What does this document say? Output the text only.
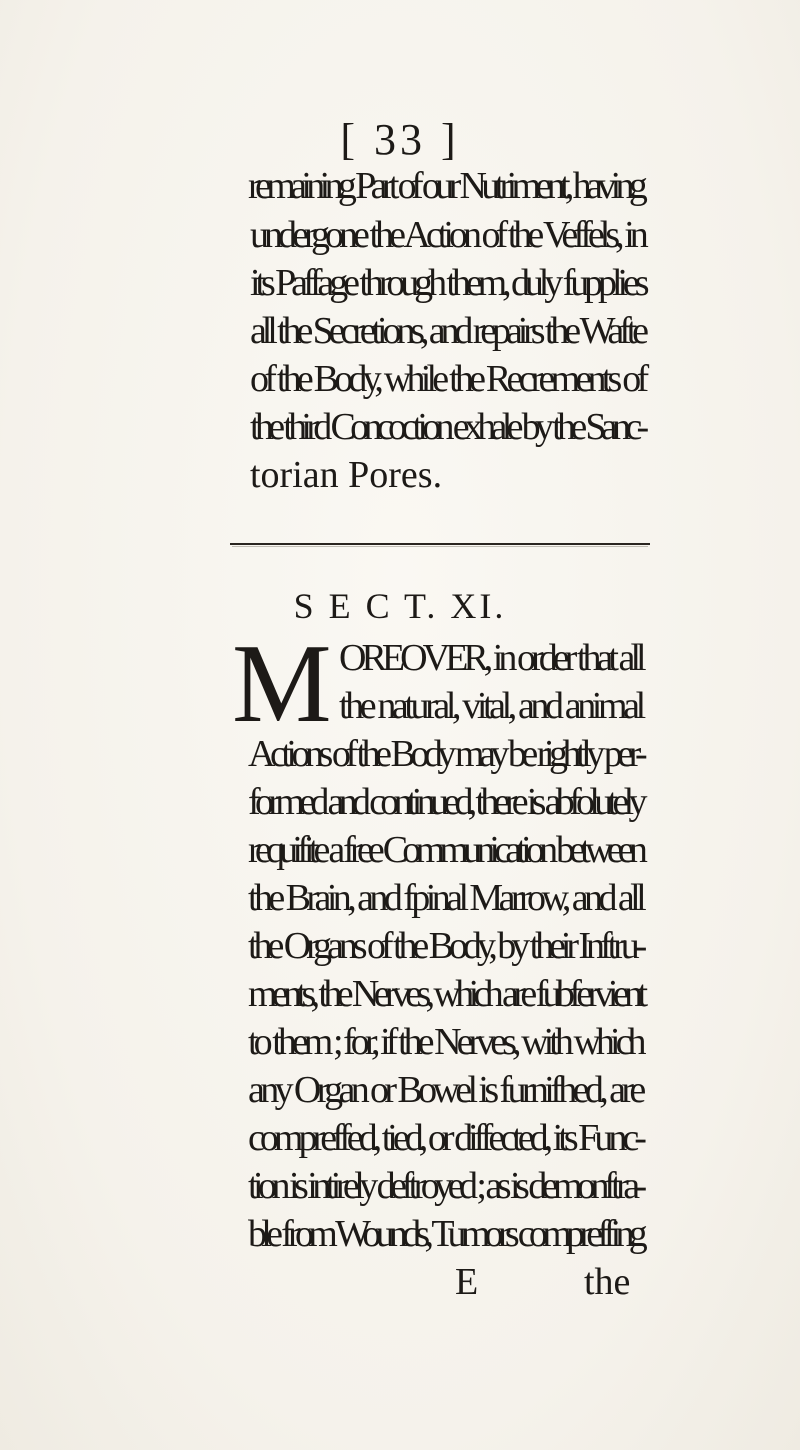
[ 33 ]
remaining Part of our Nutriment, having
undergone the Action of the Veffels, in
its Paffage through them, duly fupplies
all the Secretions, and repairs the Wafte
of the Body, while the Recrements of
the third Concoction exhale by the Sanc-
torian Pores.
S E C T. XI.
M OREOVER, in order that all
the natural, vital, and animal
Actions of the Body may be rightly per-
formed and continued, there is abfolutely
requifite a free Communication between
the Brain, and fpinal Marrow, and all
the Organs of the Body, by their Inftru-
ments, the Nerves, which are fubfervient
to them ; for, if the Nerves, with which
any Organ or Bowel is furnifhed, are
compreffed, tied, or diffected, its Func-
tion is intirely deftroyed ; as is demonftra-
ble from Wounds, Tumors compreffing
E	the
